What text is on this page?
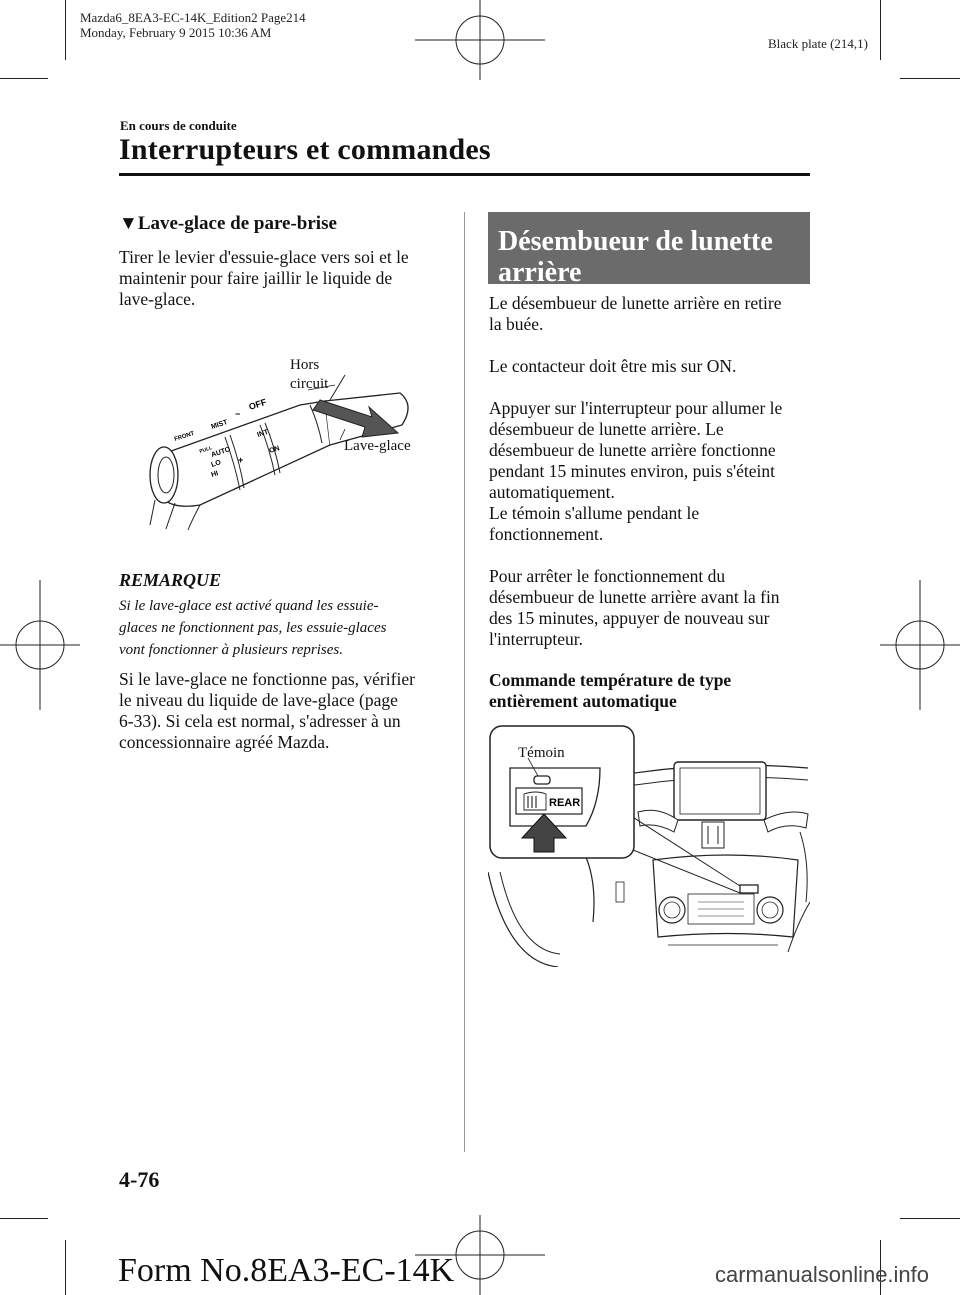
Mazda6_8EA3-EC-14K_Edition2 Page214
Monday, February 9 2015 10:36 AM
Black plate (214,1)
En cours de conduite
Interrupteurs et commandes
▼Lave-glace de pare-brise
Tirer le levier d'essuie-glace vers soi et le
maintenir pour faire jaillir le liquide de
lave-glace.
FRONT
MIST
PULL
AUTO
LO
HI
OFF
INT
ON
+
−
Hors
circuit
Lave-glace
REMARQUE
Si le lave-glace est activé quand les essuie-
glaces ne fonctionnent pas, les essuie-glaces
vont fonctionner à plusieurs reprises.
Si le lave-glace ne fonctionne pas, vérifier
le niveau du liquide de lave-glace (page
6-33). Si cela est normal, s'adresser à un
concessionnaire agréé Mazda.
Désembueur de lunette
arrière
Le désembueur de lunette arrière en retire
la buée.
Le contacteur doit être mis sur ON.
Appuyer sur l'interrupteur pour allumer le
désembueur de lunette arrière. Le
désembueur de lunette arrière fonctionne
pendant 15 minutes environ, puis s'éteint
automatiquement.
Le témoin s'allume pendant le
fonctionnement.
Pour arrêter le fonctionnement du
désembueur de lunette arrière avant la fin
des 15 minutes, appuyer de nouveau sur
l'interrupteur.
Commande température de type
entièrement automatique
REAR
Témoin
4-76
Form No.8EA3-EC-14K	carmanualsonline.info
